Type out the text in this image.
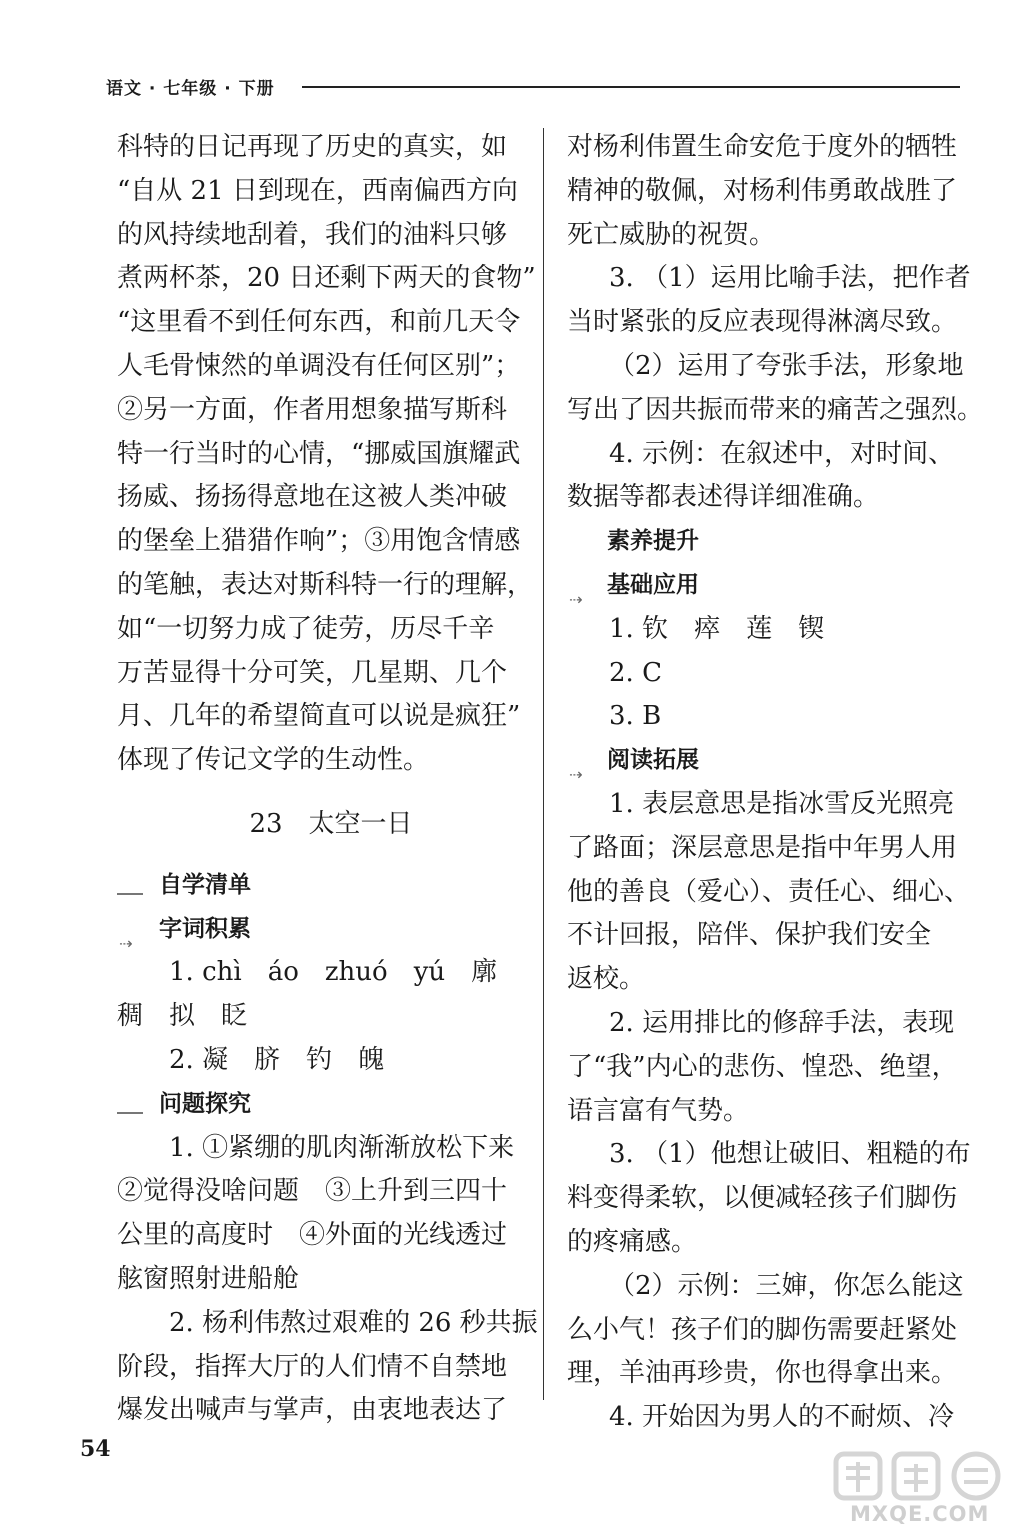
语文 · 七年级 · 下册
科特的日记再现了历史的真实，如
“自从 21 日到现在，西南偏西方向
的风持续地刮着，我们的油料只够
煮两杯茶，20 日还剩下两天的食物”
“这里看不到任何东西，和前几天令
人毛骨悚然的单调没有任何区别”；
②另一方面，作者用想象描写斯科
特一行当时的心情，“挪威国旗耀武
扬威、扬扬得意地在这被人类冲破
的堡垒上猎猎作响”；③用饱含情感
的笔触，表达对斯科特一行的理解，
如“一切努力成了徒劳，历尽千辛
万苦显得十分可笑，几星期、几个
月、几年的希望简直可以说是疯狂”
体现了传记文学的生动性。
23　太空一日
自学清单
⇢
字词积累
1. chì　áo　zhuó　yú　廓
稠　拟　眨
2. 凝　脐　钓　魄
问题探究
1. ①紧绷的肌肉渐渐放松下来
②觉得没啥问题　③上升到三四十
公里的高度时　④外面的光线透过
舷窗照射进船舱
2. 杨利伟熬过艰难的 26 秒共振
阶段，指挥大厅的人们情不自禁地
爆发出喊声与掌声，由衷地表达了
对杨利伟置生命安危于度外的牺牲
精神的敬佩，对杨利伟勇敢战胜了
死亡威胁的祝贺。
3. （1）运用比喻手法，把作者
当时紧张的反应表现得淋漓尽致。
（2）运用了夸张手法，形象地
写出了因共振而带来的痛苦之强烈。
4. 示例：在叙述中，对时间、
数据等都表述得详细准确。
素养提升
⇢
基础应用
1. 钦　瘁　莲　锲
2. C
3. B
⇢
阅读拓展
1. 表层意思是指冰雪反光照亮
了路面；深层意思是指中年男人用
他的善良（爱心）、责任心、细心、
不计回报，陪伴、保护我们安全
返校。
2. 运用排比的修辞手法，表现
了“我”内心的悲伤、惶恐、绝望，
语言富有气势。
3. （1）他想让破旧、粗糙的布
料变得柔软，以便减轻孩子们脚伤
的疼痛感。
（2）示例：三婶，你怎么能这
么小气！孩子们的脚伤需要赶紧处
理，羊油再珍贵，你也得拿出来。
4. 开始因为男人的不耐烦、冷
54
MXQE.COM
